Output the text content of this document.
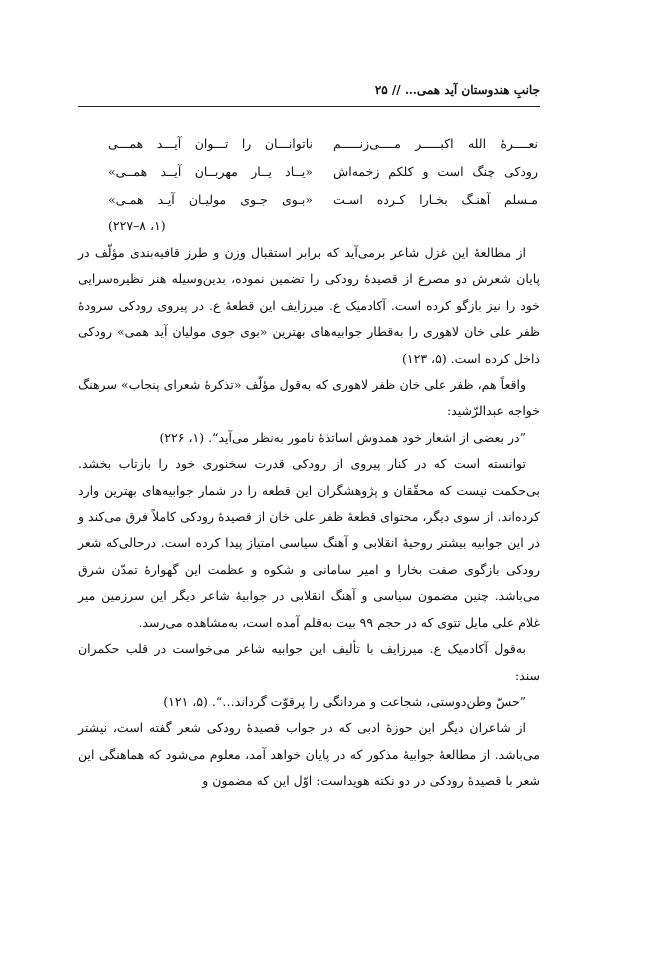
جانبِ هندوستان آید همی… // ۲۵
نعــــرۀ الله اکبـــــر مــــی‌زنـــــم
ناتوانـــان را تـــوان آیـــد همـــی
رودکی چنگ است و کلکم زخمه‌اش
«یــاد یــار مهربــان آیــد همــی»
مـسلم آهنـگ بخـارا کـرده اسـت
«بـوی جـوی مولیـان آیـد همـی»
(۱، ۸–۲۲۷)

از مطالعۀ این غزل شاعر برمی‌آید که برابر استقبال وزن و طرز قافیه‌بندی مؤلّف در پایان شعرش دو مصرع از قصیدۀ رودکی را تضمین نموده، بدین‌وسیله هنر نظیره‌سرایی خود را نیز بازگو کرده است. آکادمیک ع. میرزایف این قطعۀ ع. در پیروی رودکی سرودۀ ظفر علی خان لاهوری را به‌قطار جوابیه‌های بهترین «بوی جوی مولیان آید همی» رودکی داخل کرده است. (۵، ۱۲۳)

واقعاً هم، ظفر علی خان ظفر لاهوری که به‌قول مؤلّف «تذکرۀ شعرای پنجاب» سرهنگ خواجه عبدالرّشید:

”در بعضی از اشعار خود همدوش اساتذۀ نامور به‌نظر می‌آید“. (۱، ۲۲۶)

توانسته است که در کنار پیروی از رودکی قدرت سخنوری خود را بازتاب بخشد. بی‌حکمت نیست که محقّقان و پژوهشگران این قطعه را در شمار جوابیه‌های بهترین وارد کرده‌اند. از سوی دیگر، محتوای قطعۀ ظفر علی خان از قصیدۀ رودکی کاملاً فرق می‌کند و در این جوابیه بیشتر روحیۀ انقلابی و آهنگ سیاسی امتیاز پیدا کرده است. درحالی‌که شعر رودکی بازگوی صفت بخارا و امیر سامانی و شکوه و عظمت این گهوارۀ تمدّن شرق می‌باشد. چنین مضمون سیاسی و آهنگ انقلابی در جوابیۀ شاعر دیگر این سرزمین میر غلام علی مایل تتوی که در حجم ۹۹ بیت به‌قلم آمده است، به‌مشاهده می‌رسد.

به‌قول آکادمیک ع. میرزایف با تألیف این جوابیه شاعر می‌خواست در قلب حکمران سند:

”حسّ وطن‌دوستی، شجاعت و مردانگی را پرقوّت گرداند…“. (۵، ۱۲۱)

از شاعران دیگر این حوزۀ ادبی که در جواب قصیدۀ رودکی شعر گفته است، نیشتر می‌باشد. از مطالعۀ جوابیۀ مذکور که در پایان خواهد آمد، معلوم می‌شود که هماهنگی این شعر با قصیدۀ رودکی در دو نکته هویداست: اوّل این که مضمون و
